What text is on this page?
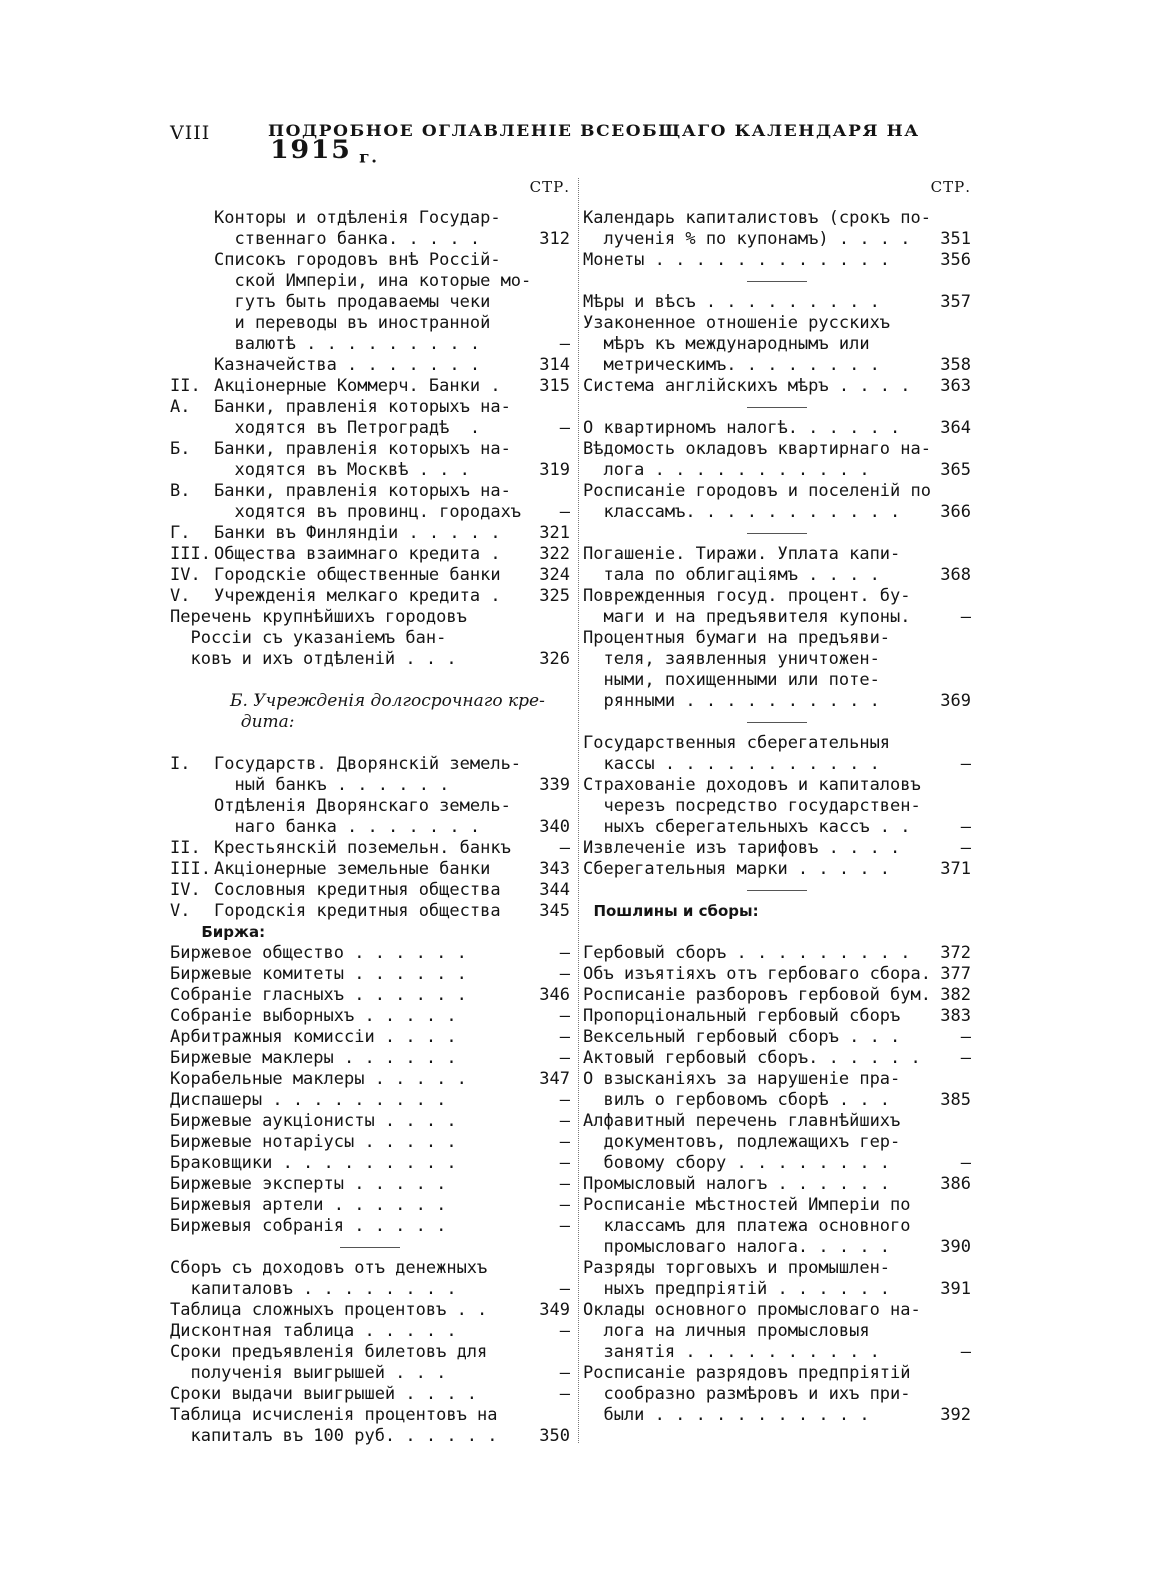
VIII	ПОДРОБНОЕ ОГЛАВЛЕНІЕ ВСЕОБЩАГО КАЛЕНДАРЯ НА 1915 г.
СТР.
Конторы и отдѣленія Государ-
ственнаго банка. . . . .	312
Списокъ городовъ внѣ Россій-
ской Имперіи, ина которые мо-
гутъ быть продаваемы чеки
и переводы въ иностранной
валютѣ . . . . . . . . .	—
Казначейства . . . . . . .	314
II. Акціонерные Коммерч. Банки .	315
А. Банки, правленія которыхъ на-
ходятся въ Петроградѣ  .	—
Б. Банки, правленія которыхъ на-
ходятся въ Москвѣ . . .	319
В. Банки, правленія которыхъ на-
ходятся въ провинц. городахъ	—
Г. Банки въ Финляндіи . . . . .	321
III. Общества взаимнаго кредита .	322
IV. Городскіе общественные банки	324
V. Учрежденія мелкаго кредита .	325
Перечень крупнѣйшихъ городовъ
Россіи съ указаніемъ бан-
ковъ и ихъ отдѣленій . . .	326
Б. Учрежденія долгосрочнаго кре-
дита:
I. Государств. Дворянскій земель-
ный банкъ . . . . . .	339
Отдѣленія Дворянскаго земель-
наго банка . . . . . . .	340
II. Крестьянскій поземельн. банкъ	—
III. Акціонерные земельные банки	343
IV. Сословныя кредитныя общества	344
V. Городскія кредитныя общества	345
Биржа:
Биржевое общество . . . . . .	—
Биржевые комитеты . . . . . .	—
Собраніе гласныхъ . . . . . .	346
Собраніе выборныхъ . . . . .	—
Арбитражныя комиссіи . . . .	—
Биржевые маклеры . . . . . .	—
Корабельные маклеры . . . . .	347
Диспашеры . . . . . . . . .	—
Биржевые аукціонисты . . . .	—
Биржевые нотаріусы . . . . .	—
Браковщики . . . . . . . . .	—
Биржевые эксперты . . . . .	—
Биржевыя артели . . . . . .	—
Биржевыя собранія . . . . .	—
Сборъ съ доходовъ отъ денежныхъ
капиталовъ . . . . . . . .	—
Таблица сложныхъ процентовъ . .	349
Дисконтная таблица . . . . .	—
Сроки предъявленія билетовъ для
полученія выигрышей . . .	—
Сроки выдачи выигрышей . . . .	—
Таблица исчисленія процентовъ на
капиталъ въ 100 руб. . . . . .	350
СТР.
Календарь капиталистовъ (срокъ по-
лученія % по купонамъ) . . . .	351
Монеты . . . . . . . . . . . .	356
Мѣры и вѣсъ . . . . . . . . .	357
Узаконенное отношеніе русскихъ
мѣръ къ международнымъ или
метрическимъ. . . . . . . .	358
Система англійскихъ мѣръ . . . .	363
О квартирномъ налогѣ. . . . . .	364
Вѣдомость окладовъ квартирнаго на-
лога . . . . . . . . . . .	365
Росписаніе городовъ и поселеній по
классамъ. . . . . . . . . . .	366
Погашеніе. Тиражи. Уплата капи-
тала по облигаціямъ . . . .	368
Поврежденныя госуд. процент. бу-
маги и на предъявителя купоны.	—
Процентныя бумаги на предъяви-
теля, заявленныя уничтожен-
ными, похищенными или поте-
рянными . . . . . . . . . .	369
Государственныя сберегательныя
кассы . . . . . . . . . . .	—
Страхованіе доходовъ и капиталовъ
черезъ посредство государствен-
ныхъ сберегательныхъ кассъ . .	—
Извлеченіе изъ тарифовъ . . . .	—
Сберегательныя марки . . . . .	371
Пошлины и сборы:
Гербовый сборъ . . . . . . . . .	372
Объ изъятіяхъ отъ гербоваго сбора. 377
Росписаніе разборовъ гербовой бум. 382
Пропорціональный гербовый сборъ	383
Вексельный гербовый сборъ . . .	—
Актовый гербовый сборъ. . . . . .	—
О взысканіяхъ за нарушеніе пра-
вилъ о гербовомъ сборѣ . . .	385
Алфавитный перечень главнѣйшихъ
документовъ, подлежащихъ гер-
бовому сбору . . . . . . . .	—
Промысловый налогъ . . . . . .	386
Росписаніе мѣстностей Имперіи по
классамъ для платежа основного
промысловаго налога. . . . .	390
Разряды торговыхъ и промышлен-
ныхъ предпріятій . . . . . .	391
Оклады основного промысловаго на-
лога на личныя промысловыя
занятія . . . . . . . . . .	—
Росписаніе разрядовъ предпріятій
сообразно размѣровъ и ихъ при-
были . . . . . . . . . . .	392
